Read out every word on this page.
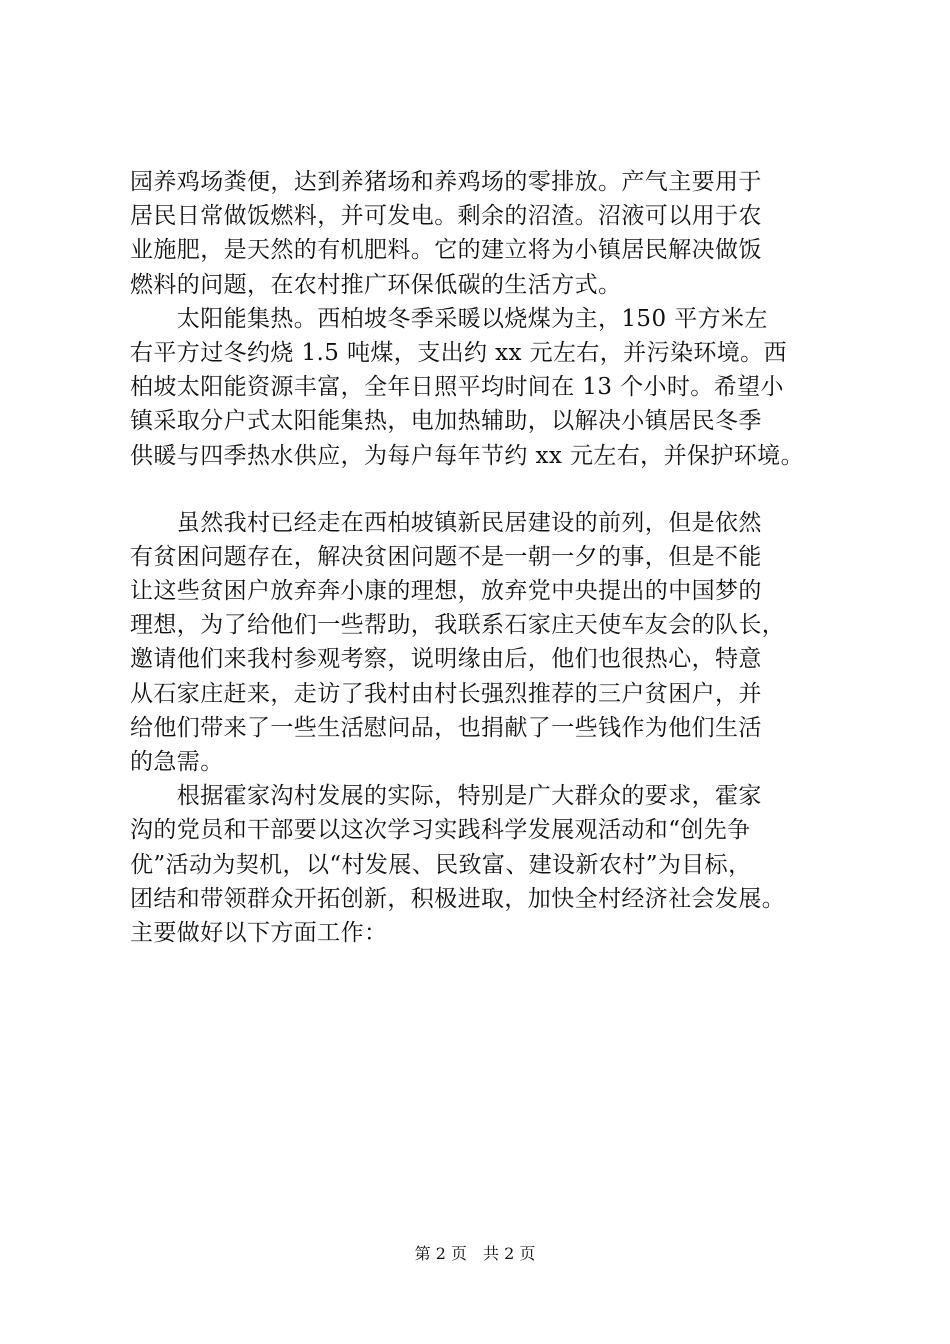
园养鸡场粪便，达到养猪场和养鸡场的零排放。产气主要用于
居民日常做饭燃料，并可发电。剩余的沼渣。沼液可以用于农
业施肥，是天然的有机肥料。它的建立将为小镇居民解决做饭
燃料的问题，在农村推广环保低碳的生活方式。
　　太阳能集热。西柏坡冬季采暖以烧煤为主，150 平方米左
右平方过冬约烧 1.5 吨煤，支出约 xx 元左右，并污染环境。西
柏坡太阳能资源丰富，全年日照平均时间在 13 个小时。希望小
镇采取分户式太阳能集热，电加热辅助，以解决小镇居民冬季
供暖与四季热水供应，为每户每年节约 xx 元左右，并保护环境。
　　虽然我村已经走在西柏坡镇新民居建设的前列，但是依然
有贫困问题存在，解决贫困问题不是一朝一夕的事，但是不能
让这些贫困户放弃奔小康的理想，放弃党中央提出的中国梦的
理想，为了给他们一些帮助，我联系石家庄天使车友会的队长，
邀请他们来我村参观考察，说明缘由后，他们也很热心，特意
从石家庄赶来，走访了我村由村长强烈推荐的三户贫困户，并
给他们带来了一些生活慰问品，也捐献了一些钱作为他们生活
的急需。
　　根据霍家沟村发展的实际，特别是广大群众的要求，霍家
沟的党员和干部要以这次学习实践科学发展观活动和“创先争
优”活动为契机，以“村发展、民致富、建设新农村”为目标，
团结和带领群众开拓创新，积极进取，加快全村经济社会发展。
主要做好以下方面工作：
第 2 页　共 2 页
